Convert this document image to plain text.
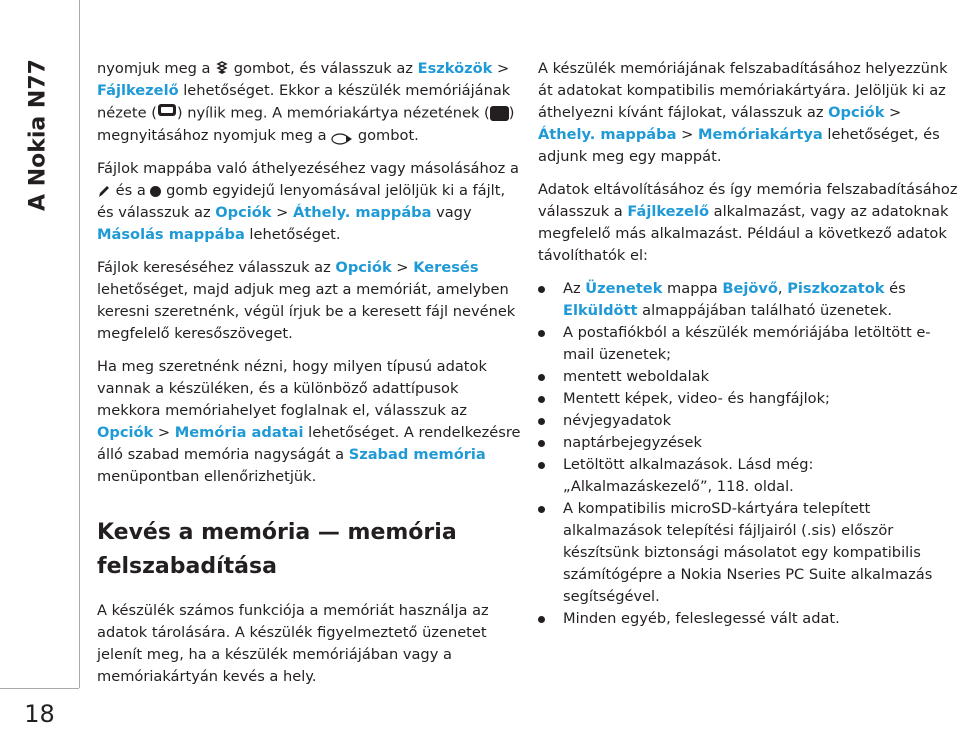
A Nokia N77
18

nyomjuk meg a  gombot, és válasszuk az Eszközök > Fájlkezelő lehetőséget. Ekkor a készülék memóriájának nézete ( ) nyílik meg. A memóriakártya nézetének ( ) megnyitásához nyomjuk meg a  gombot.

Fájlok mappába való áthelyezéséhez vagy másolásához a  és a  gomb egyidejű lenyomásával jelöljük ki a fájlt, és válasszuk az Opciók > Áthely. mappába vagy Másolás mappába lehetőséget.

Fájlok kereséséhez válasszuk az Opciók > Keresés lehetőséget, majd adjuk meg azt a memóriát, amelyben keresni szeretnénk, végül írjuk be a keresett fájl nevének megfelelő keresőszöveget.

Ha meg szeretnénk nézni, hogy milyen típusú adatok vannak a készüléken, és a különböző adattípusok mekkora memóriahelyet foglalnak el, válasszuk az Opciók > Memória adatai lehetőséget. A rendelkezésre álló szabad memória nagyságát a Szabad memória menüpontban ellenőrizhetjük.

Kevés a memória — memória felszabadítása

A készülék számos funkciója a memóriát használja az adatok tárolására. A készülék figyelmeztető üzenetet jelenít meg, ha a készülék memóriájában vagy a memóriakártyán kevés a hely.

A készülék memóriájának felszabadításához helyezzünk át adatokat kompatibilis memóriakártyára. Jelöljük ki az áthelyezni kívánt fájlokat, válasszuk az Opciók > Áthely. mappába > Memóriakártya lehetőséget, és adjunk meg egy mappát.

Adatok eltávolításához és így memória felszabadításához válasszuk a Fájlkezelő alkalmazást, vagy az adatoknak megfelelő más alkalmazást. Például a következő adatok távolíthatók el:

Az Üzenetek mappa Bejövő, Piszkozatok és Elküldött almappájában található üzenetek.
A postafiókból a készülék memóriájába letöltött e-mail üzenetek;
mentett weboldalak
Mentett képek, video- és hangfájlok;
névjegyadatok
naptárbejegyzések
Letöltött alkalmazások. Lásd még: „Alkalmazáskezelő”, 118. oldal.
A kompatibilis microSD-kártyára telepített alkalmazások telepítési fájljairól (.sis) először készítsünk biztonsági másolatot egy kompatibilis számítógépre a Nokia Nseries PC Suite alkalmazás segítségével.
Minden egyéb, feleslegessé vált adat.
